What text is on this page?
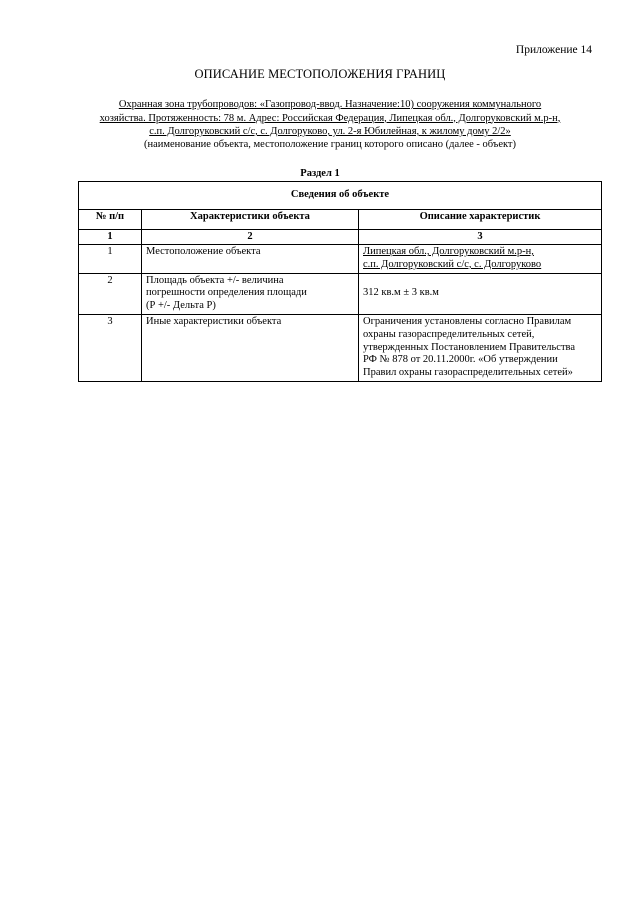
Приложение 14
ОПИСАНИЕ МЕСТОПОЛОЖЕНИЯ ГРАНИЦ
Охранная зона трубопроводов: «Газопровод-ввод. Назначение:10) сооружения коммунального
хозяйства. Протяженность: 78 м. Адрес: Российская Федерация, Липецкая обл., Долгоруковский м.р-н,
с.п. Долгоруковский с/с, с. Долгоруково, ул. 2-я Юбилейная, к жилому дому 2/2»
(наименование объекта, местоположение границ которого описано (далее - объект)
Раздел 1
Сведения об объекте		
№ п/п	Характеристики объекта	Описание характеристик
1	2	3
1	Местоположение объекта	Липецкая обл., Долгоруковский м.р-н,
с.п. Долгоруковский с/с, с. Долгоруково

2	Площадь объекта +/- величина
погрешности определения площади
(Р +/- Дельта Р)	312 кв.м ± 3 кв.м
3	Иные характеристики объекта	Ограничения установлены согласно Правилам
охраны газораспределительных сетей,
утвержденных Постановлением Правительства
РФ № 878 от 20.11.2000г. «Об утверждении
Правил охраны газораспределительных сетей»
